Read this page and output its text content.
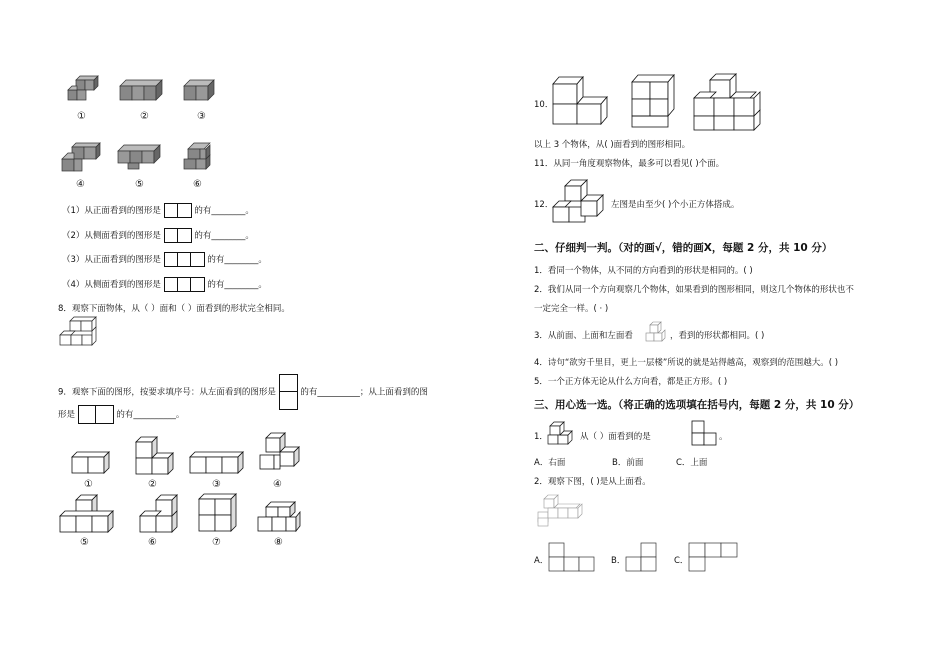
①	②	③
④	⑤	⑥
（1）从正面看到的图形是	的有________。
（2）从侧面看到的图形是	的有________。
（3）从正面看到的图形是	的有________。
（4）从侧面看到的图形是	的有________。
8．观察下面物体，从（ ）面和（ ）面看到的形状完全相同。
9．观察下面的图形，按要求填序号：从左面看到的图形是	的有__________；从上面看到的图
形是	的有__________。
①	②	③	④
⑤	⑥	⑦	⑧
10．
以上 3 个物体，从( )面看到的图形相同。
11．从同一角度观察物体，最多可以看见( )个面。
12．	左图是由至少( )个小正方体搭成。
二、仔细判一判。（对的画√，错的画X，每题 2 分，共 10 分）
1．看同一个物体，从不同的方向看到的形状是相同的。( )
2．我们从同一个方向观察几个物体，如果看到的图形相同，则这几个物体的形状也不
一定完全一样。( · )
3．从前面、上面和左面看	，看到的形状都相同。( )
4．诗句“欲穷千里目，更上一层楼”所说的就是站得越高，观察到的范围越大。( )
5．一个正方体无论从什么方向看，都是正方形。( )
三、用心选一选。（将正确的选项填在括号内，每题 2 分，共 10 分）
1．	从（ ）面看到的是	。
A．右面	B．前面	C．上面
2．观察下图，( )是从上面看。
A．	B．	C．
